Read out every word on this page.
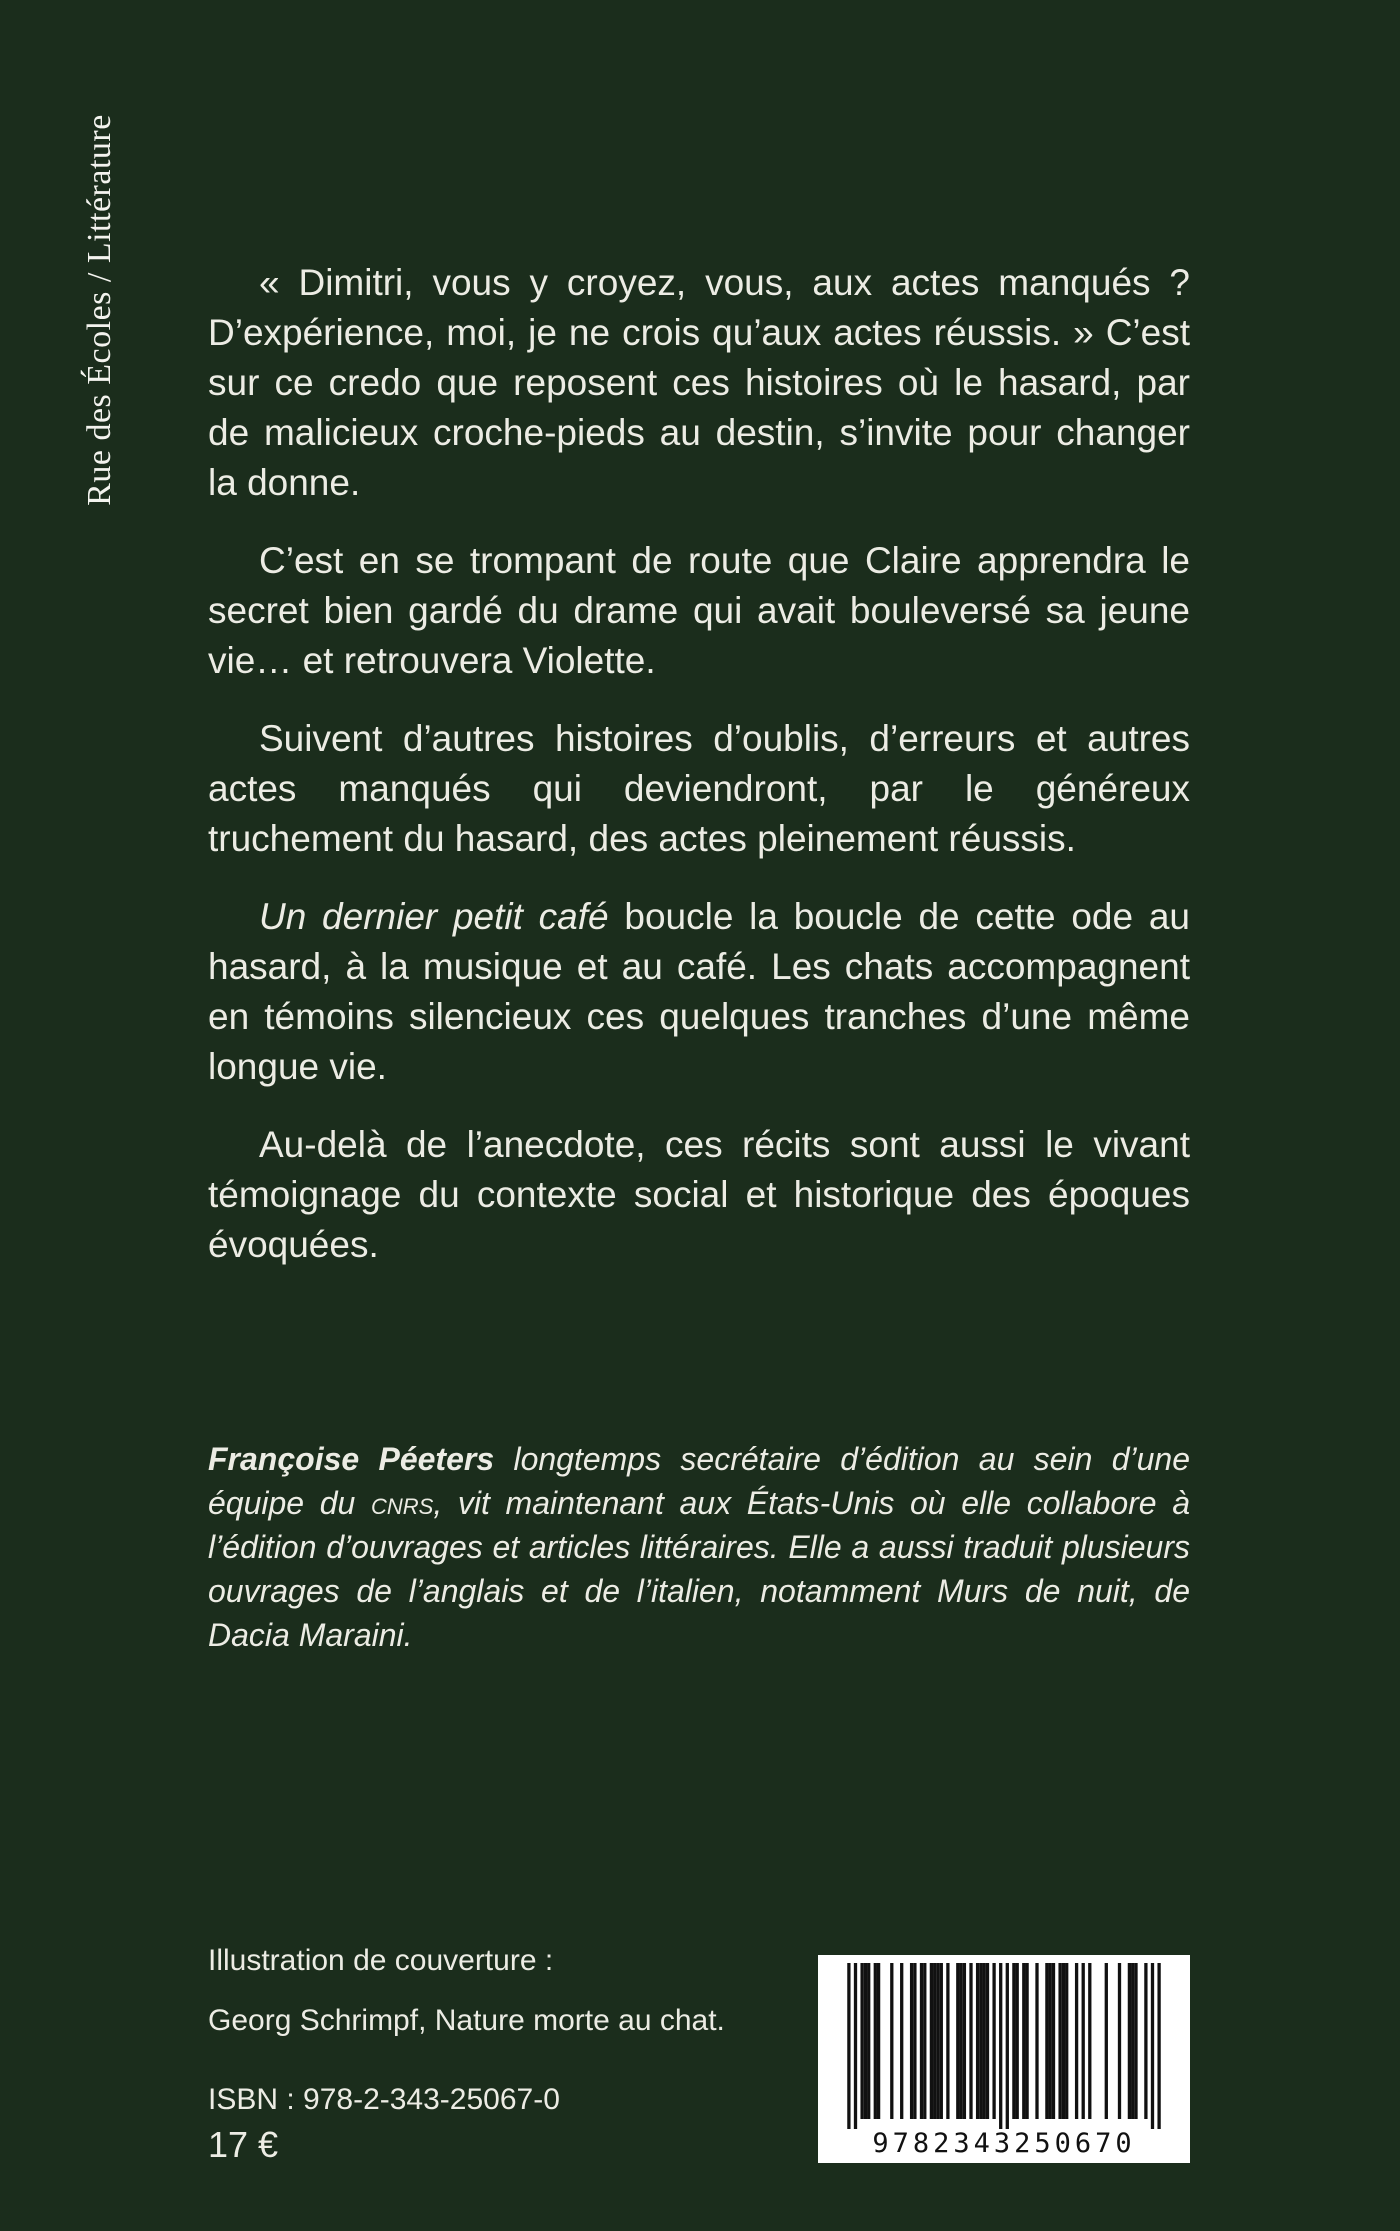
Rue des Écoles / Littérature	« Dimitri, vous y croyez, vous, aux actes manqués ? D’expérience, moi, je ne crois qu’aux actes réussis. » C’est sur ce credo que reposent ces histoires où le hasard, par de malicieux croche-pieds au destin, s’invite pour changer la donne.

C’est en se trompant de route que Claire apprendra le secret bien gardé du drame qui avait bouleversé sa jeune vie… et retrouvera Violette.

Suivent d’autres histoires d’oublis, d’erreurs et autres actes manqués qui deviendront, par le généreux truchement du hasard, des actes pleinement réussis.

Un dernier petit café boucle la boucle de cette ode au hasard, à la musique et au café. Les chats accompagnent en témoins silencieux ces quelques tranches d’une même longue vie.

Au-delà de l’anecdote, ces récits sont aussi le vivant témoignage du contexte social et historique des époques évoquées.

Françoise Péeters longtemps secrétaire d’édition au sein d’une équipe du cnrs, vit maintenant aux États-Unis où elle collabore à l’édition d’ouvrages et articles littéraires. Elle a aussi traduit plusieurs ouvrages de l’anglais et de l’italien, notamment Murs de nuit, de Dacia Maraini.
Illustration de couverture :
Georg Schrimpf, Nature morte au chat.
ISBN : 978-2-343-25067-0
17 €	9782343250670
